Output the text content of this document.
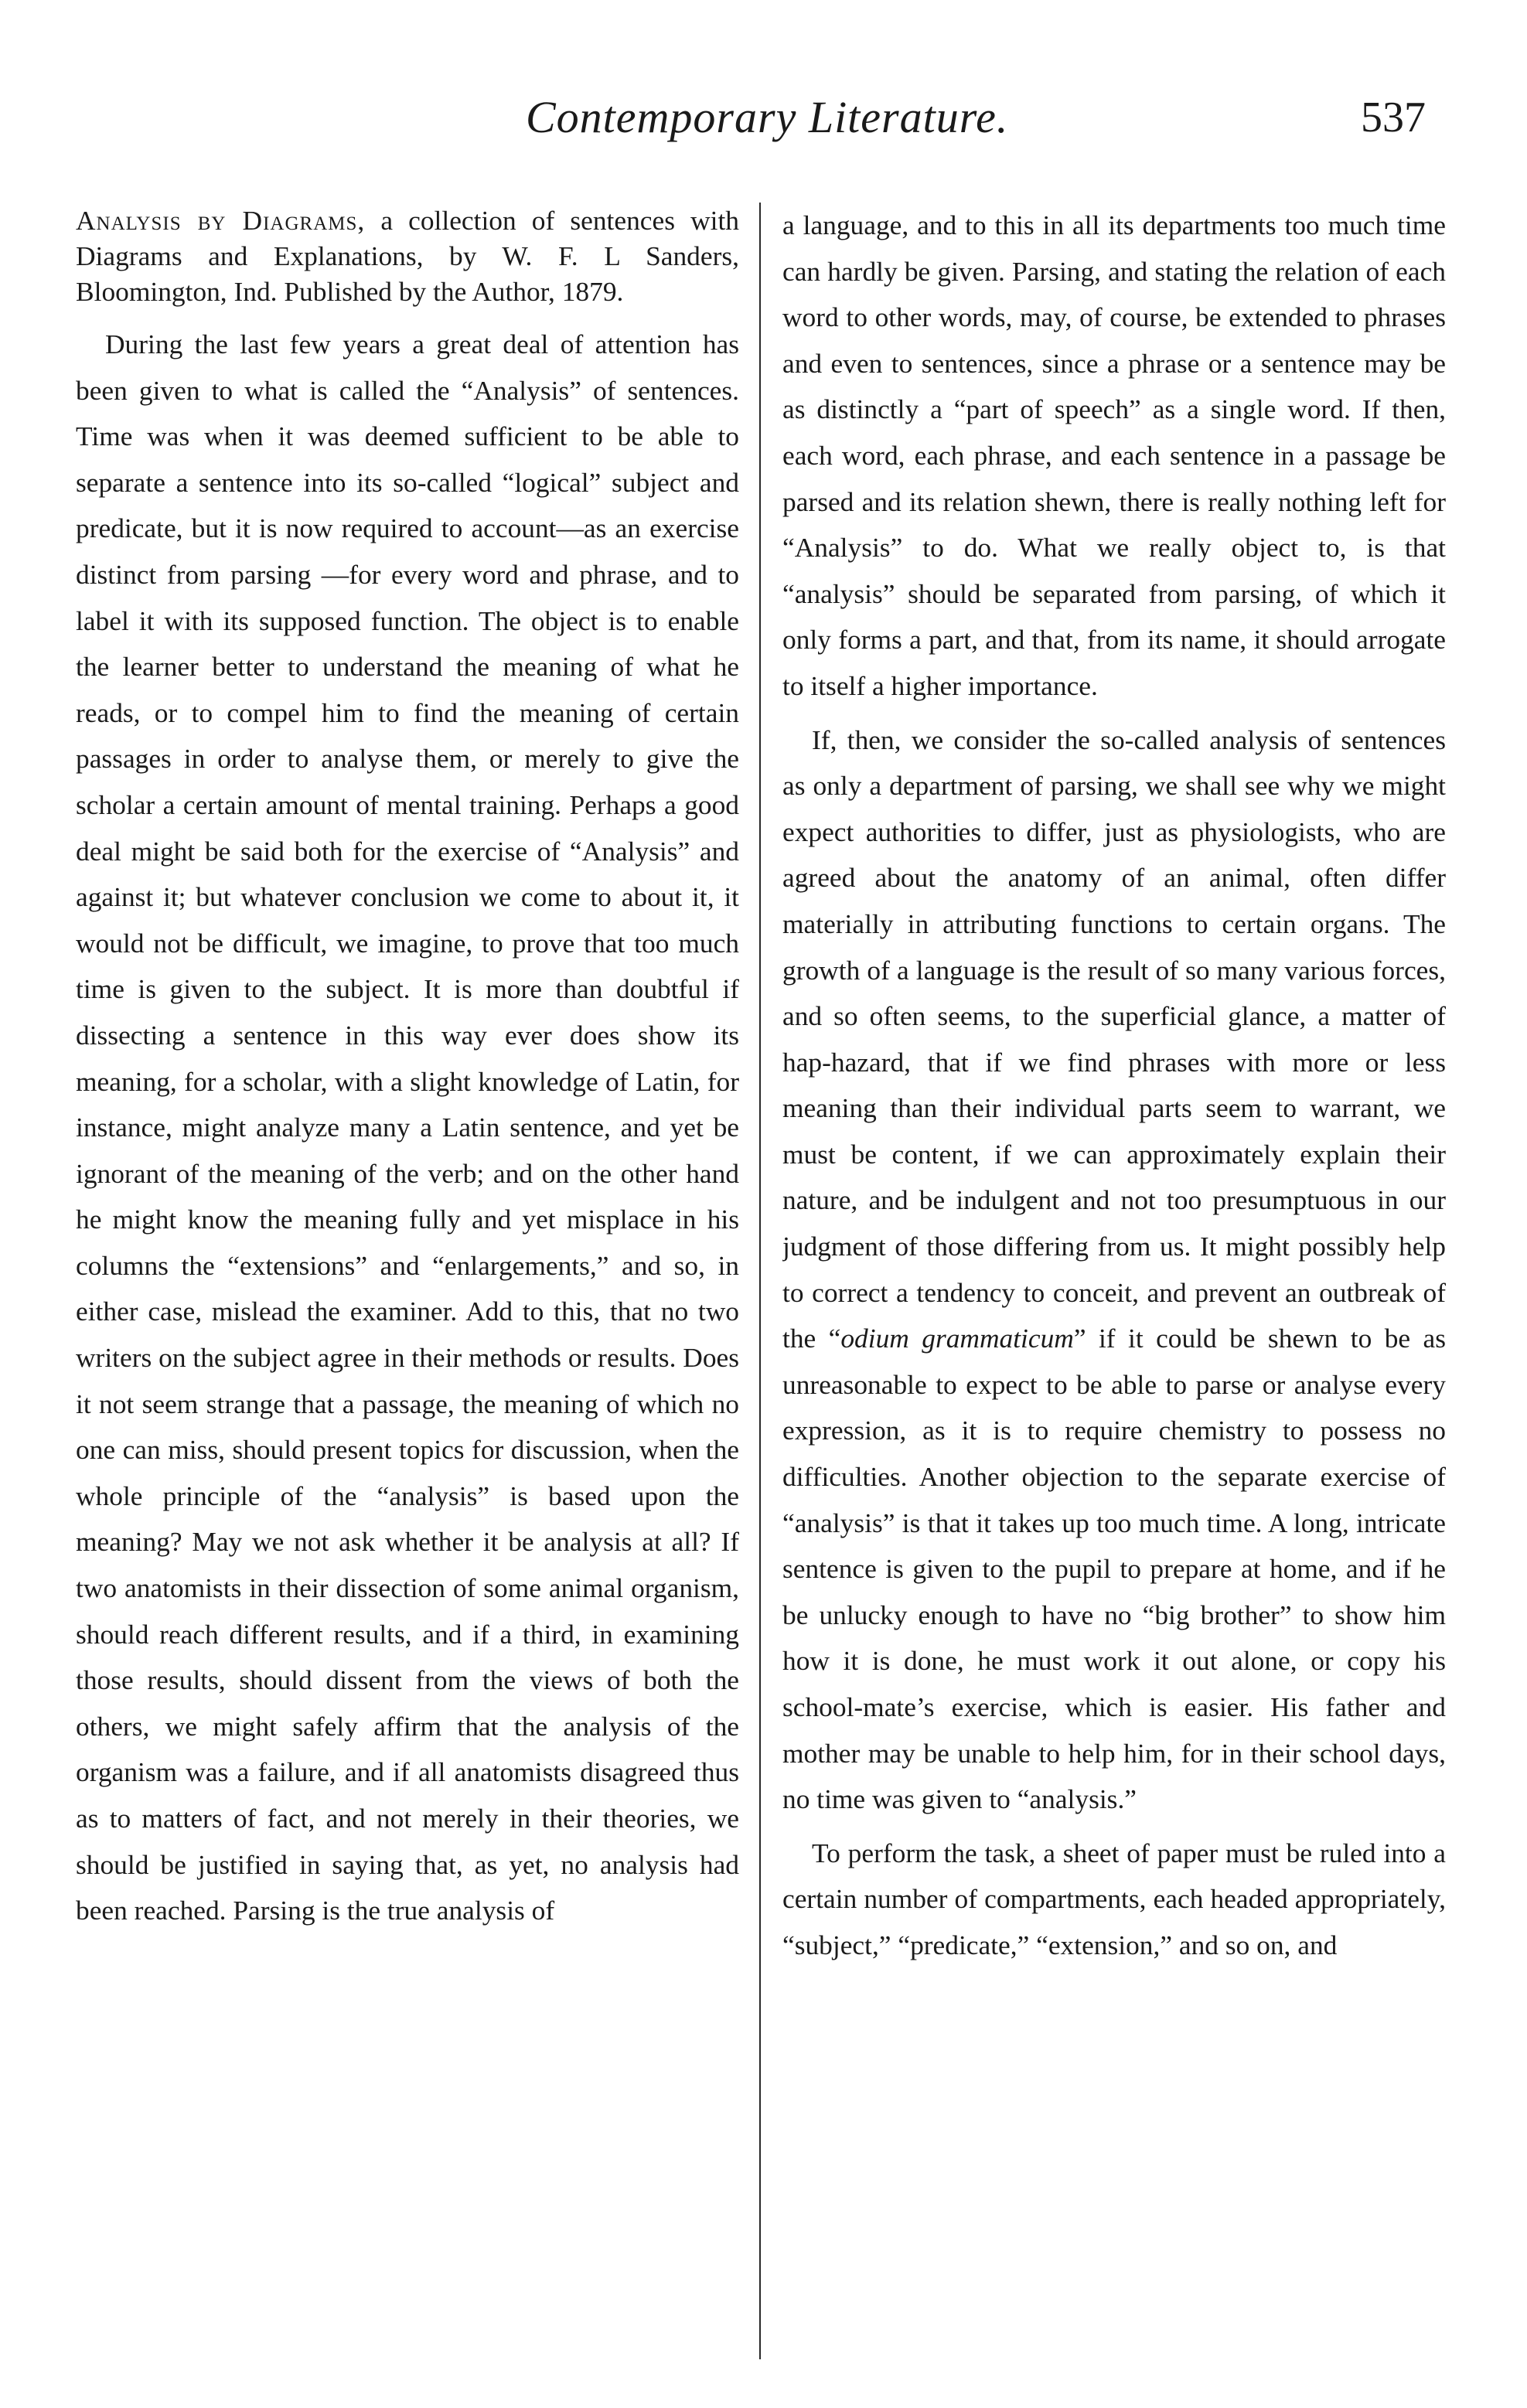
Contemporary Literature.	537
Analysis by Diagrams, a collection of sentences with Diagrams and Explanations, by W. F. L Sanders, Bloomington, Ind. Published by the Author, 1879.

During the last few years a great deal of attention has been given to what is called the “Analysis” of sentences. Time was when it was deemed sufficient to be able to separate a sentence into its so-called “logical” subject and predicate, but it is now required to account—as an exercise distinct from parsing —for every word and phrase, and to label it with its supposed function. The object is to enable the learner better to understand the meaning of what he reads, or to compel him to find the meaning of certain passages in order to analyse them, or merely to give the scholar a certain amount of mental training. Perhaps a good deal might be said both for the exercise of “Analysis” and against it; but whatever conclusion we come to about it, it would not be difficult, we imagine, to prove that too much time is given to the subject. It is more than doubtful if dissecting a sentence in this way ever does show its meaning, for a scholar, with a slight knowledge of Latin, for instance, might analyze many a Latin sentence, and yet be ignorant of the meaning of the verb; and on the other hand he might know the meaning fully and yet misplace in his columns the “extensions” and “enlargements,” and so, in either case, mislead the examiner. Add to this, that no two writers on the subject agree in their methods or results. Does it not seem strange that a passage, the meaning of which no one can miss, should present topics for discussion, when the whole principle of the “analysis” is based upon the meaning? May we not ask whether it be analysis at all? If two anatomists in their dissection of some animal organism, should reach different results, and if a third, in examining those results, should dissent from the views of both the others, we might safely affirm that the analysis of the organism was a failure, and if all anatomists disagreed thus as to matters of fact, and not merely in their theories, we should be justified in saying that, as yet, no analysis had been reached. Parsing is the true analysis of

a language, and to this in all its departments too much time can hardly be given. Parsing, and stating the relation of each word to other words, may, of course, be extended to phrases and even to sentences, since a phrase or a sentence may be as distinctly a “part of speech” as a single word. If then, each word, each phrase, and each sentence in a passage be parsed and its relation shewn, there is really nothing left for “Analysis” to do. What we really object to, is that “analysis” should be separated from parsing, of which it only forms a part, and that, from its name, it should arrogate to itself a higher importance.

If, then, we consider the so-called analysis of sentences as only a department of parsing, we shall see why we might expect authorities to differ, just as physiologists, who are agreed about the anatomy of an animal, often differ materially in attributing functions to certain organs. The growth of a language is the result of so many various forces, and so often seems, to the superficial glance, a matter of hap-hazard, that if we find phrases with more or less meaning than their individual parts seem to warrant, we must be content, if we can approximately explain their nature, and be indulgent and not too presumptuous in our judgment of those differing from us. It might possibly help to correct a tendency to conceit, and prevent an outbreak of the “odium grammaticum” if it could be shewn to be as unreasonable to expect to be able to parse or analyse every expression, as it is to require chemistry to possess no difficulties. Another objection to the separate exercise of “analysis” is that it takes up too much time. A long, intricate sentence is given to the pupil to prepare at home, and if he be unlucky enough to have no “big brother” to show him how it is done, he must work it out alone, or copy his school-mate’s exercise, which is easier. His father and mother may be unable to help him, for in their school days, no time was given to “analysis.”

To perform the task, a sheet of paper must be ruled into a certain number of compartments, each headed appropriately, “subject,” “predicate,” “extension,” and so on, and
